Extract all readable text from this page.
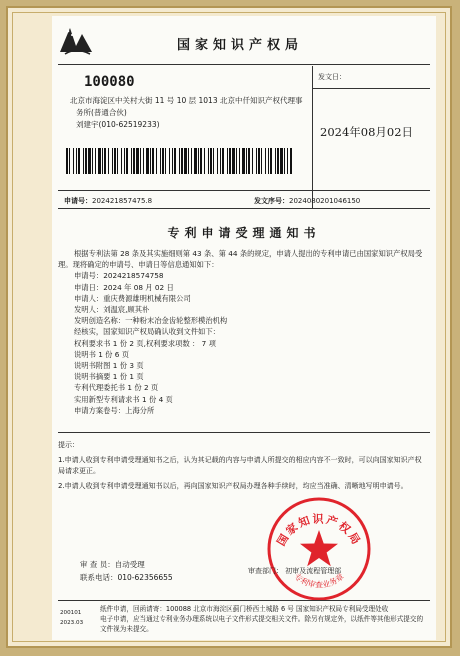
国家知识产权局
100080
北京市海淀区中关村大街 11 号 10 层 1013 北京中仟知识产权代理事
务所(普通合伙)
刘建宇(010-62519233)
发文日：
2024年08月02日
申请号：202421857475.8	发文序号：2024080201046150
专利申请受理通知书

根据专利法第 28 条及其实施细则第 43 条、第 44 条的规定，申请人提出的专利申请已由国家知识产权局受理。现将确定的申请号、申请日等信息通知如下：

申请号：2024218574758
申请日：2024 年 08 月 02 日
申请人：重庆费源雄明机械有限公司
发明人：刘温宸,顾其朴
发明创造名称：一种粉末冶金齿轮整形模治机构
经核实，国家知识产权局确认收到文件如下：
权利要求书 1 份 2 页,权利要求项数 ： 7 项
说明书 1 份 6 页
说明书附图 1 份 3 页
说明书摘要 1 份 1 页
专利代理委托书 1 份 2 页
实用新型专利请求书 1 份 4 页
申请方案卷号：上海分所
提示：

1.申请人收到专利申请受理通知书之后，认为其记载的内容与申请人所提交的相应内容不一致时，可以向国家知识产权局请求更正。

2.申请人收到专利申请受理通知书以后，再向国家知识产权局办理各种手续时，均应当准确、清晰地写明申请号。

国家知识产权局
专利审查业务章
审 查 员：自动受理
联系电话：010-62356655
审查部门： 初审及流程管理部
200101
2023.03
纸件申请，回函请寄：100088 北京市海淀区蓟门桥西土城路 6 号 国家知识产权局专利局受理处收
电子申请，应当通过专利业务办理系统以电子文件形式提交相关文件。除另有规定外，以纸件等其他形式提交的
文件视为未提交。
